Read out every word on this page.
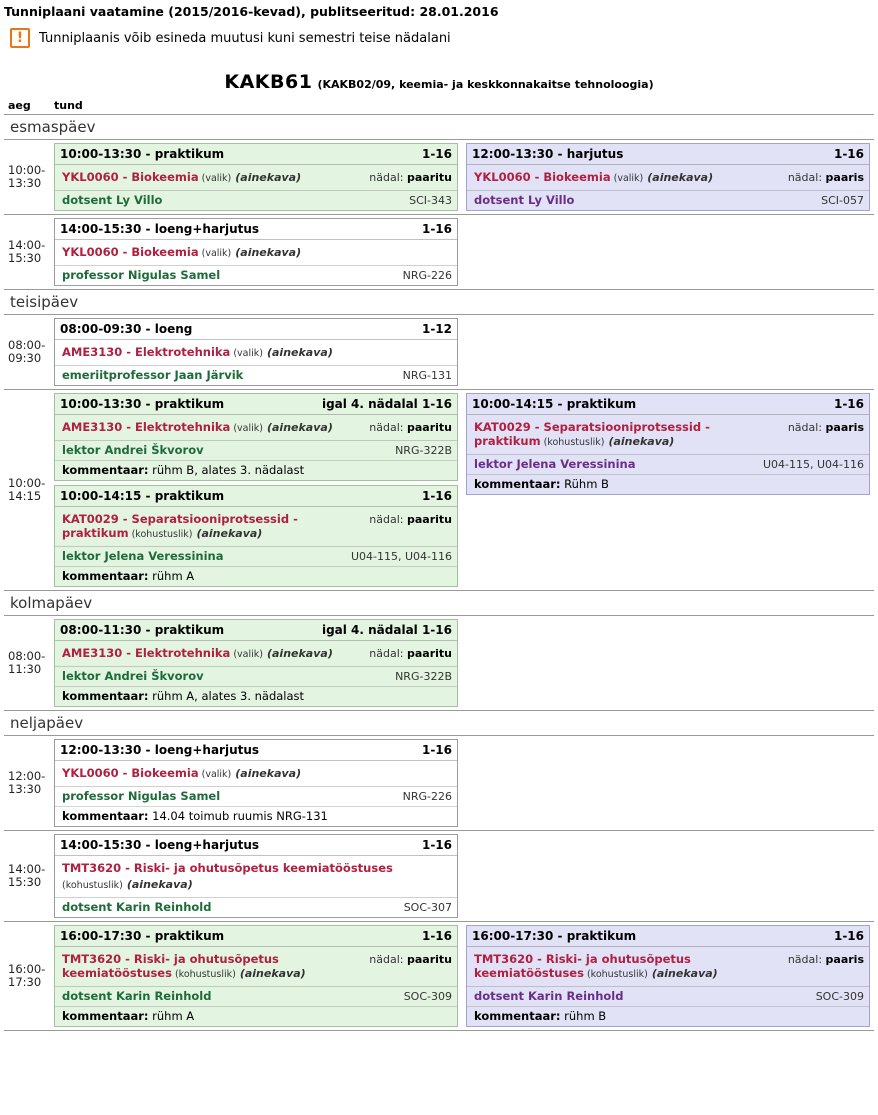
Tunniplaani vaatamine (2015/2016-kevad), publitseeritud: 28.01.2016
!	Tunniplaanis võib esineda muutusi kuni semestri teise nädalani
KAKB61 (KAKB02/09, keemia- ja keskkonnakaitse tehnoloogia)
aeg	tund	
esmaspäev		

10:00-
13:30

10:00-13:30 - praktikum	1-16
YKL0060 - Biokeemia (valik) (ainekava)	nädal: paaritu
dotsent Ly Villo	SCI-343

12:00-13:30 - harjutus	1-16
YKL0060 - Biokeemia (valik) (ainekava)	nädal: paaris
dotsent Ly Villo	SCI-057

14:00-
15:30

14:00-15:30 - loeng+harjutus	1-16
YKL0060 - Biokeemia (valik) (ainekava)
professor Nigulas Samel	NRG-226

teisipäev		

08:00-
09:30

08:00-09:30 - loeng	1-12
AME3130 - Elektrotehnika (valik) (ainekava)
emeriitprofessor Jaan Järvik	NRG-131

10:00-
14:15

10:00-13:30 - praktikum	igal 4. nädalal 1-16
AME3130 - Elektrotehnika (valik) (ainekava)	nädal: paaritu
lektor Andrei Škvorov	NRG-322B
kommentaar: rühm B, alates 3. nädalast
10:00-14:15 - praktikum	1-16
KAT0029 - Separatsiooniprotsessid - praktikum (kohustuslik) (ainekava)
nädal: paaritu
lektor Jelena Veressinina	U04-115, U04-116
kommentaar: rühm A

10:00-14:15 - praktikum	1-16
KAT0029 - Separatsiooniprotsessid - praktikum (kohustuslik) (ainekava)
nädal: paaris
lektor Jelena Veressinina	U04-115, U04-116
kommentaar: Rühm B

kolmapäev		

08:00-
11:30

08:00-11:30 - praktikum	igal 4. nädalal 1-16
AME3130 - Elektrotehnika (valik) (ainekava)	nädal: paaritu
lektor Andrei Škvorov	NRG-322B
kommentaar: rühm A, alates 3. nädalast

neljapäev		

12:00-
13:30

12:00-13:30 - loeng+harjutus	1-16
YKL0060 - Biokeemia (valik) (ainekava)
professor Nigulas Samel	NRG-226
kommentaar: 14.04 toimub ruumis NRG-131

14:00-
15:30

14:00-15:30 - loeng+harjutus	1-16
TMT3620 - Riski- ja ohutusõpetus keemiatööstuses (kohustuslik) (ainekava)
dotsent Karin Reinhold	SOC-307

16:00-
17:30

16:00-17:30 - praktikum	1-16
TMT3620 - Riski- ja ohutusõpetus keemiatööstuses (kohustuslik) (ainekava)
nädal: paaritu
dotsent Karin Reinhold	SOC-309
kommentaar: rühm A

16:00-17:30 - praktikum	1-16
TMT3620 - Riski- ja ohutusõpetus keemiatööstuses (kohustuslik) (ainekava)
nädal: paaris
dotsent Karin Reinhold	SOC-309
kommentaar: rühm B
